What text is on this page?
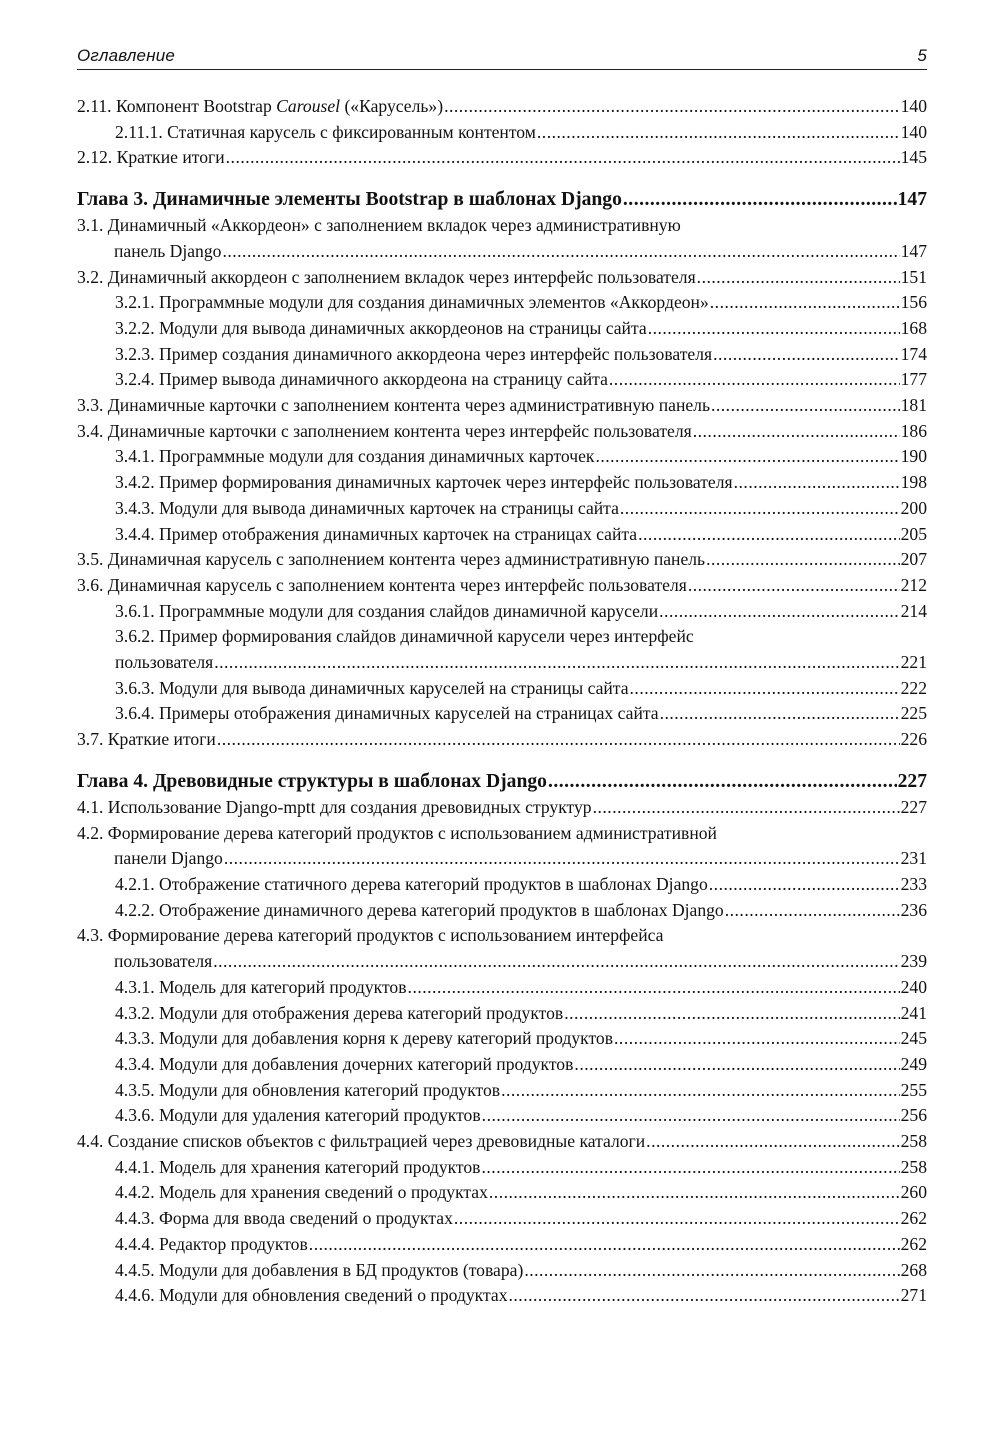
Оглавление	5
2.11. Компонент Bootstrap Carousel («Карусель») .....	140
2.11.1. Статичная карусель с фиксированным контентом .....	140
2.12. Краткие итоги .....	145
Глава 3. Динамичные элементы Bootstrap в шаблонах Django .....	147
3.1. Динамичный «Аккордеон» с заполнением вкладок через административную
панель Django .....	147
3.2. Динамичный аккордеон с заполнением вкладок через интерфейс пользователя .....	151
3.2.1. Программные модули для создания динамичных элементов «Аккордеон» .....	156
3.2.2. Модули для вывода динамичных аккордеонов на страницы сайта .....	168
3.2.3. Пример создания динамичного аккордеона через интерфейс пользователя .....	174
3.2.4. Пример вывода динамичного аккордеона на страницу сайта .....	177
3.3. Динамичные карточки с заполнением контента через административную панель .....	181
3.4. Динамичные карточки с заполнением контента через интерфейс пользователя .....	186
3.4.1. Программные модули для создания динамичных карточек .....	190
3.4.2. Пример формирования динамичных карточек через интерфейс пользователя .....	198
3.4.3. Модули для вывода динамичных карточек на страницы сайта .....	200
3.4.4. Пример отображения динамичных карточек на страницах сайта .....	205
3.5. Динамичная карусель с заполнением контента через административную панель .....	207
3.6. Динамичная карусель с заполнением контента через интерфейс пользователя .....	212
3.6.1. Программные модули для создания слайдов динамичной карусели .....	214
3.6.2. Пример формирования слайдов динамичной карусели через интерфейс
пользователя .....	221
3.6.3. Модули для вывода динамичных каруселей на страницы сайта .....	222
3.6.4. Примеры отображения динамичных каруселей на страницах сайта .....	225
3.7. Краткие итоги .....	226
Глава 4. Древовидные структуры в шаблонах Django .....	227
4.1. Использование Django-mptt для создания древовидных структур .....	227
4.2. Формирование дерева категорий продуктов с использованием административной
панели Django .....	231
4.2.1. Отображение статичного дерева категорий продуктов в шаблонах Django .....	233
4.2.2. Отображение динамичного дерева категорий продуктов в шаблонах Django .....	236
4.3. Формирование дерева категорий продуктов с использованием интерфейса
пользователя .....	239
4.3.1. Модель для категорий продуктов .....	240
4.3.2. Модули для отображения дерева категорий продуктов .....	241
4.3.3. Модули для добавления корня к дереву категорий продуктов .....	245
4.3.4. Модули для добавления дочерних категорий продуктов .....	249
4.3.5. Модули для обновления категорий продуктов .....	255
4.3.6. Модули для удаления категорий продуктов .....	256
4.4. Создание списков объектов с фильтрацией через древовидные каталоги .....	258
4.4.1. Модель для хранения категорий продуктов .....	258
4.4.2. Модель для хранения сведений о продуктах .....	260
4.4.3. Форма для ввода сведений о продуктах .....	262
4.4.4. Редактор продуктов .....	262
4.4.5. Модули для добавления в БД продуктов (товара) .....	268
4.4.6. Модули для обновления сведений о продуктах .....	271
